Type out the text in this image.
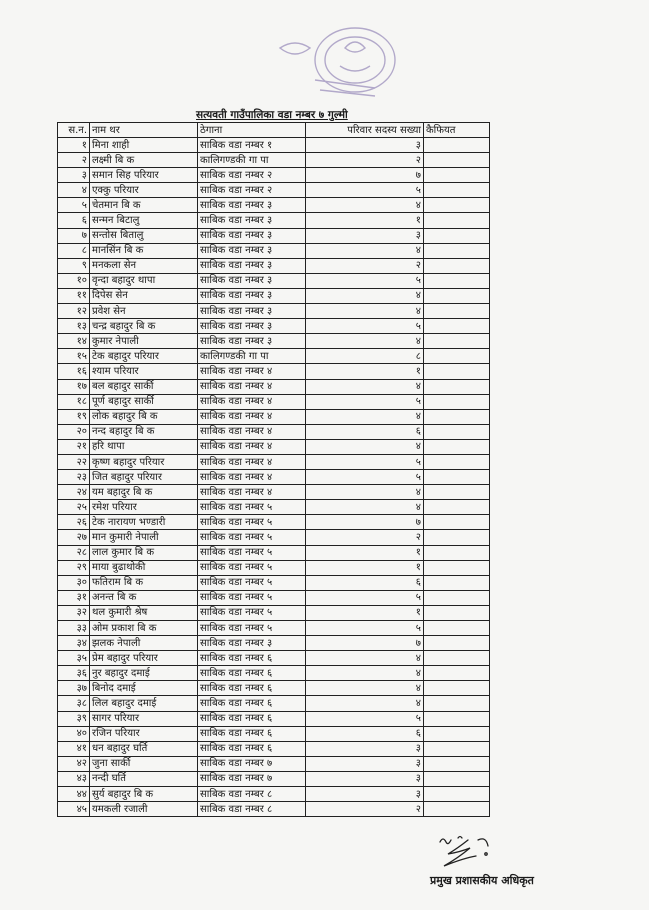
सत्यवती गाउँपालिका वडा नम्बर ७ गुल्मी
स.न.	नाम थर	ठेगाना	परिवार सदस्य सख्या	कैफियत
१	मिना शाही	साबिक वडा नम्बर १	३	
२	लक्ष्मी बि क	कालिगण्डकी गा पा	२	
३	समान सिह परियार	साबिक वडा नम्बर २	७	
४	एक्कु परियार	साबिक वडा नम्बर २	५	
५	चेतमान बि क	साबिक वडा नम्बर ३	४	
६	सन्मन बिटालु	साबिक वडा नम्बर ३	१	
७	सन्तोस बितालु	साबिक वडा नम्बर ३	३	
८	मानसिंन बि क	साबिक वडा नम्बर ३	४	
९	मनकला सेन	साबिक वडा नम्बर ३	२	
१०	वृन्दा बहादुर थापा	साबिक वडा नम्बर ३	५	
११	दिपेस सेन	साबिक वडा नम्बर ३	४	
१२	प्रवेश सेन	साबिक वडा नम्बर ३	४	
१३	चन्द्र बहादुर बि क	साबिक वडा नम्बर ३	५	
१४	कुमार नेपाली	साबिक वडा नम्बर ३	४	
१५	टेक बहादुर परियार	कालिगण्डकी गा पा	८	
१६	श्याम परियार	साबिक वडा नम्बर ४	१	
१७	बल बहादुर सार्की	साबिक वडा नम्बर ४	४	
१८	पूर्ण बहादुर सार्की	साबिक वडा नम्बर ४	५	
१९	लोक बहादुर बि क	साबिक वडा नम्बर ४	४	
२०	नन्द बहादुर बि क	साबिक वडा नम्बर ४	६	
२१	हरि थापा	साबिक वडा नम्बर ४	४	
२२	कृष्ण बहादुर परियार	साबिक वडा नम्बर ४	५	
२३	जित बहादुर परियार	साबिक वडा नम्बर ४	५	
२४	यम बहादुर बि क	साबिक वडा नम्बर ४	४	
२५	रमेश परियार	साबिक वडा नम्बर ५	४	
२६	टेक नारायण भण्डारी	साबिक वडा नम्बर ५	७	
२७	मान कुमारी नेपाली	साबिक वडा नम्बर ५	२	
२८	लाल कुमार बि क	साबिक वडा नम्बर ५	१	
२९	माया बुढाथोकी	साबिक वडा नम्बर ५	१	
३०	फतिराम बि क	साबिक वडा नम्बर ५	६	
३१	अनन्त बि क	साबिक वडा नम्बर ५	५	
३२	थल कुमारी श्रेष	साबिक वडा नम्बर ५	१	
३३	ओम प्रकाश बि क	साबिक वडा नम्बर ५	५	
३४	झलक नेपाली	साबिक वडा नम्बर ३	७	
३५	प्रेम बहादुर परियार	साबिक वडा नम्बर ६	४	
३६	नुर बहादुर दमाई	साबिक वडा नम्बर ६	४	
३७	बिनोद दमाई	साबिक वडा नम्बर ६	४	
३८	लिल बहादुर दमाई	साबिक वडा नम्बर ६	४	
३९	सागर परियार	साबिक वडा नम्बर ६	५	
४०	रजिन परियार	साबिक वडा नम्बर ६	६	
४१	धन बहादुर घर्ति	साबिक वडा नम्बर ६	३	
४२	जुना सार्की	साबिक वडा नम्बर ७	३	
४३	नन्दी घर्ति	साबिक वडा नम्बर ७	३	
४४	सुर्य बहादुर बि क	साबिक वडा नम्बर ८	३	
४५	यमकली रजाली	साबिक वडा नम्बर ८	२	
प्रमुख प्रशासकीय अधिकृत
